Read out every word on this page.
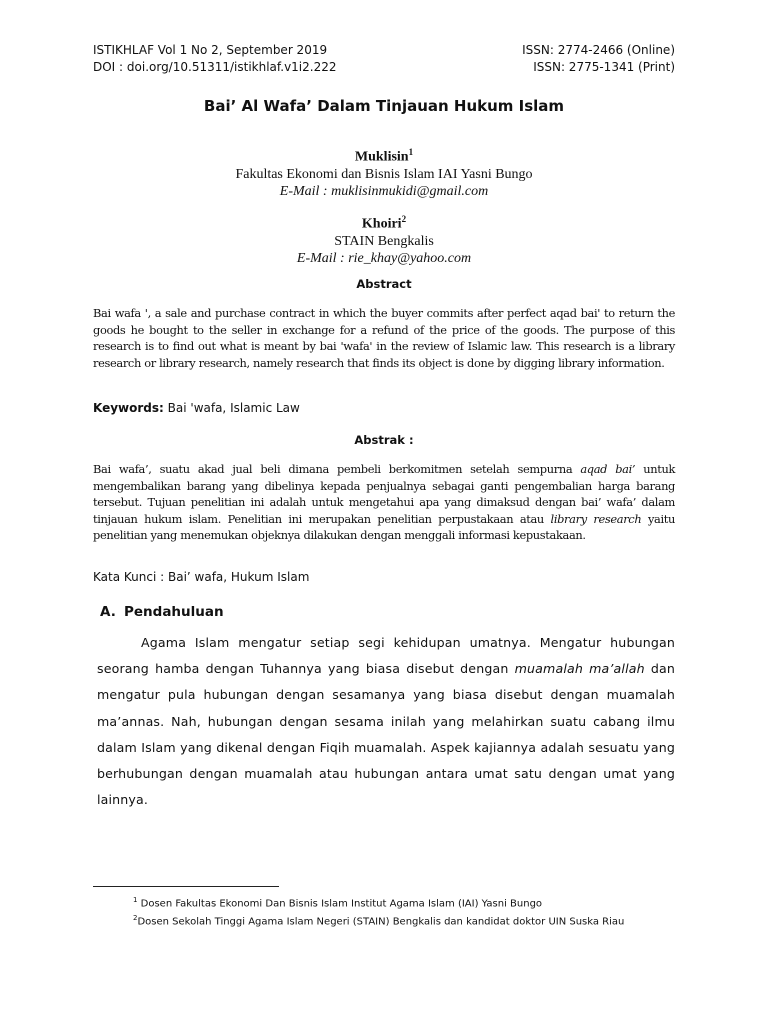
ISTIKHLAF Vol 1 No 2, September 2019	ISSN: 2774-2466 (Online)
DOI : doi.org/10.51311/istikhlaf.v1i2.222	ISSN: 2775-1341 (Print)
Bai’ Al Wafa’ Dalam Tinjauan Hukum Islam
Muklisin$^1$
Fakultas Ekonomi dan Bisnis Islam IAI Yasni Bungo
E-Mail : muklisinmukidi@gmail.com
Khoiri$^2$
STAIN Bengkalis
E-Mail : rie_khay@yahoo.com
Abstract
Bai wafa ', a sale and purchase contract in which the buyer commits after perfect aqad bai' to return the goods he bought to the seller in exchange for a refund of the price of the goods. The purpose of this research is to find out what is meant by bai 'wafa' in the review of Islamic law. This research is a library research or library research, namely research that finds its object is done by digging library information.
Keywords: Bai 'wafa, Islamic Law
Abstrak :
Bai wafa’, suatu akad jual beli dimana pembeli berkomitmen setelah sempurna aqad bai’ untuk mengembalikan barang yang dibelinya kepada penjualnya sebagai ganti pengembalian harga barang tersebut. Tujuan penelitian ini adalah untuk mengetahui apa yang dimaksud dengan bai’ wafa’ dalam tinjauan hukum islam. Penelitian ini merupakan penelitian perpustakaan atau library research yaitu penelitian yang menemukan objeknya dilakukan dengan menggali informasi kepustakaan.
Kata Kunci : Bai’ wafa, Hukum Islam
A. Pendahuluan
Agama Islam mengatur setiap segi kehidupan umatnya. Mengatur hubungan seorang hamba dengan Tuhannya yang biasa disebut dengan muamalah ma’allah dan mengatur pula hubungan dengan sesamanya yang biasa disebut dengan muamalah ma’annas. Nah, hubungan dengan sesama inilah yang melahirkan suatu cabang ilmu dalam Islam yang dikenal dengan Fiqih muamalah. Aspek kajiannya adalah sesuatu yang berhubungan dengan muamalah atau hubungan antara umat satu dengan umat yang lainnya.
$^1$ Dosen Fakultas Ekonomi Dan Bisnis Islam Institut Agama Islam (IAI) Yasni Bungo
$^2$Dosen Sekolah Tinggi Agama Islam Negeri (STAIN) Bengkalis dan kandidat doktor UIN Suska Riau
